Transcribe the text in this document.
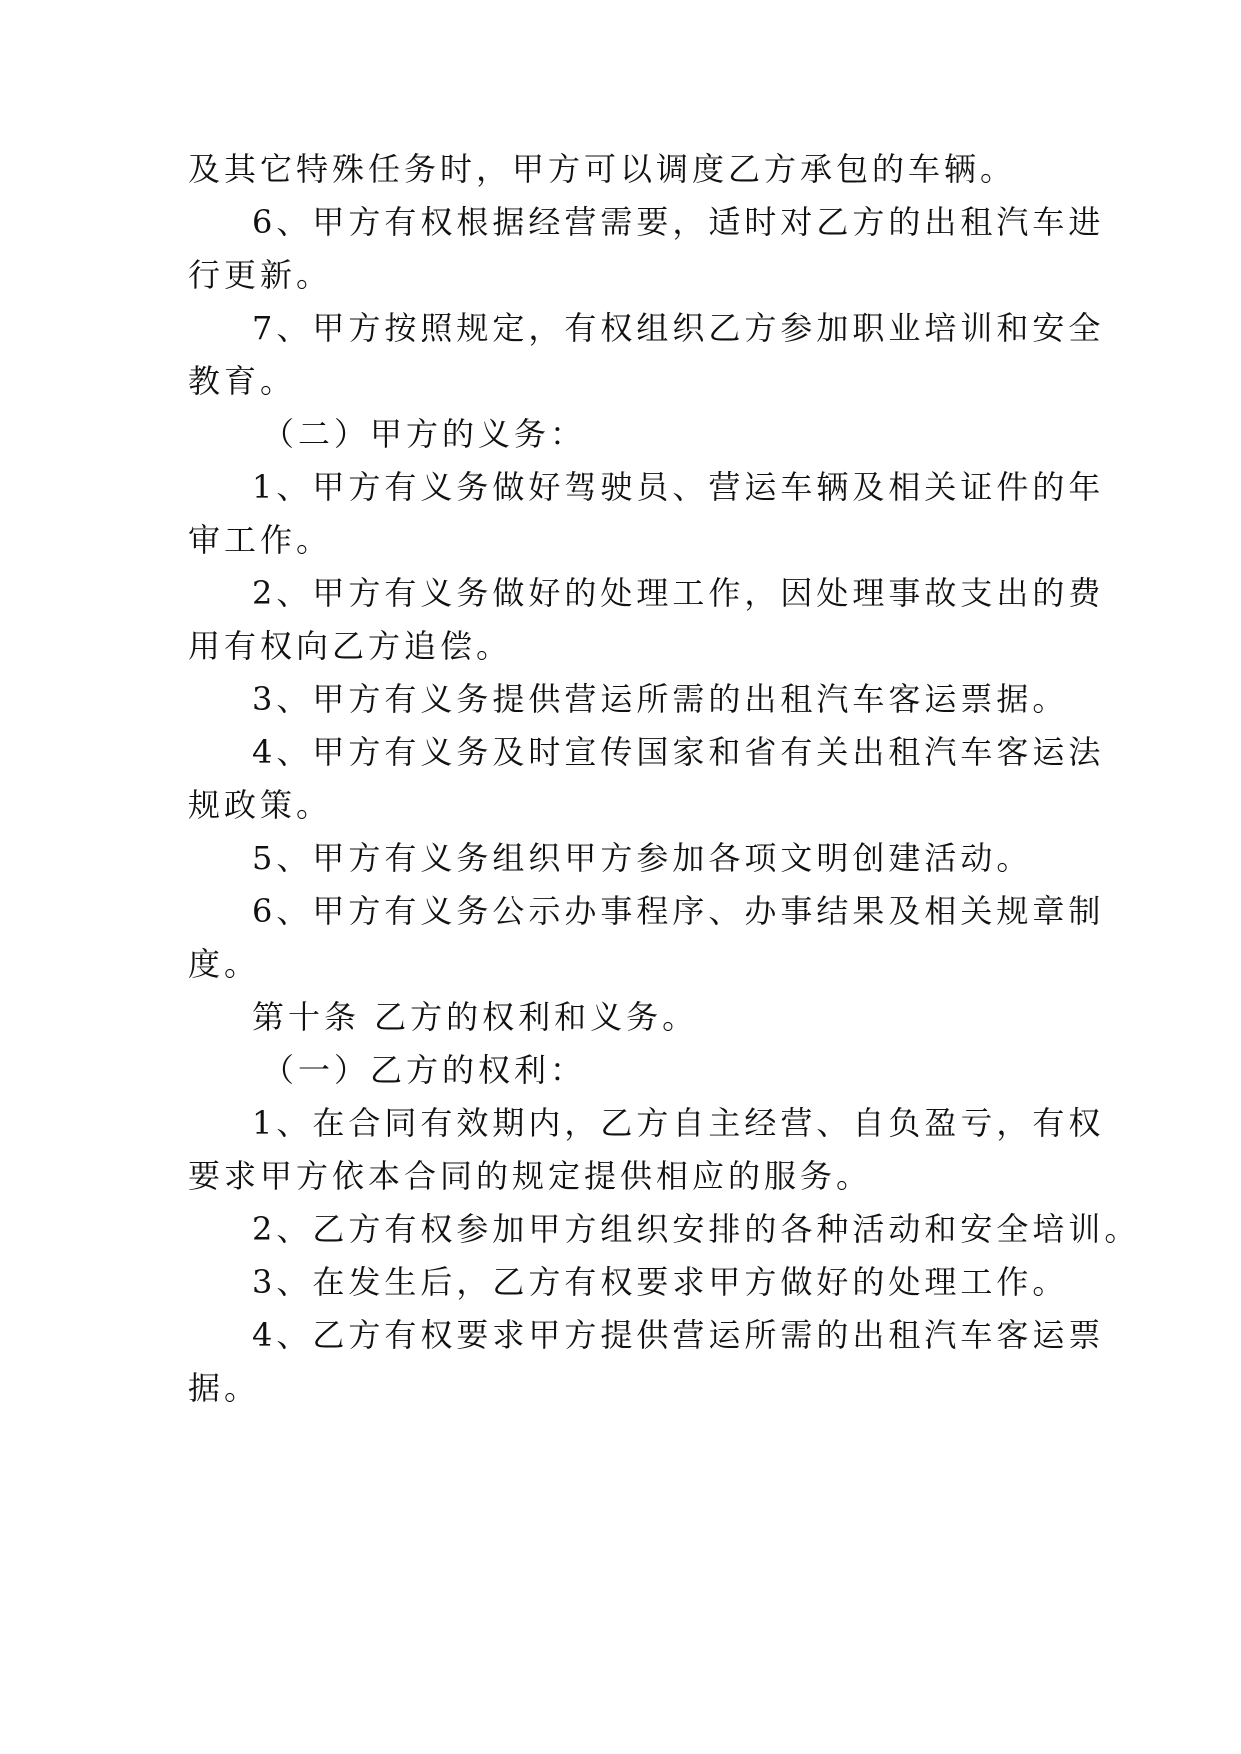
及其它特殊任务时，甲方可以调度乙方承包的车辆。
6、甲方有权根据经营需要，适时对乙方的出租汽车进
行更新。
7、甲方按照规定，有权组织乙方参加职业培训和安全
教育。
（二）甲方的义务：
1、甲方有义务做好驾驶员、营运车辆及相关证件的年
审工作。
2、甲方有义务做好的处理工作，因处理事故支出的费
用有权向乙方追偿。
3、甲方有义务提供营运所需的出租汽车客运票据。
4、甲方有义务及时宣传国家和省有关出租汽车客运法
规政策。
5、甲方有义务组织甲方参加各项文明创建活动。
6、甲方有义务公示办事程序、办事结果及相关规章制
度。
第十条 乙方的权利和义务。
（一）乙方的权利：
1、在合同有效期内，乙方自主经营、自负盈亏，有权
要求甲方依本合同的规定提供相应的服务。
2、乙方有权参加甲方组织安排的各种活动和安全培训。
3、在发生后，乙方有权要求甲方做好的处理工作。
4、乙方有权要求甲方提供营运所需的出租汽车客运票
据。
